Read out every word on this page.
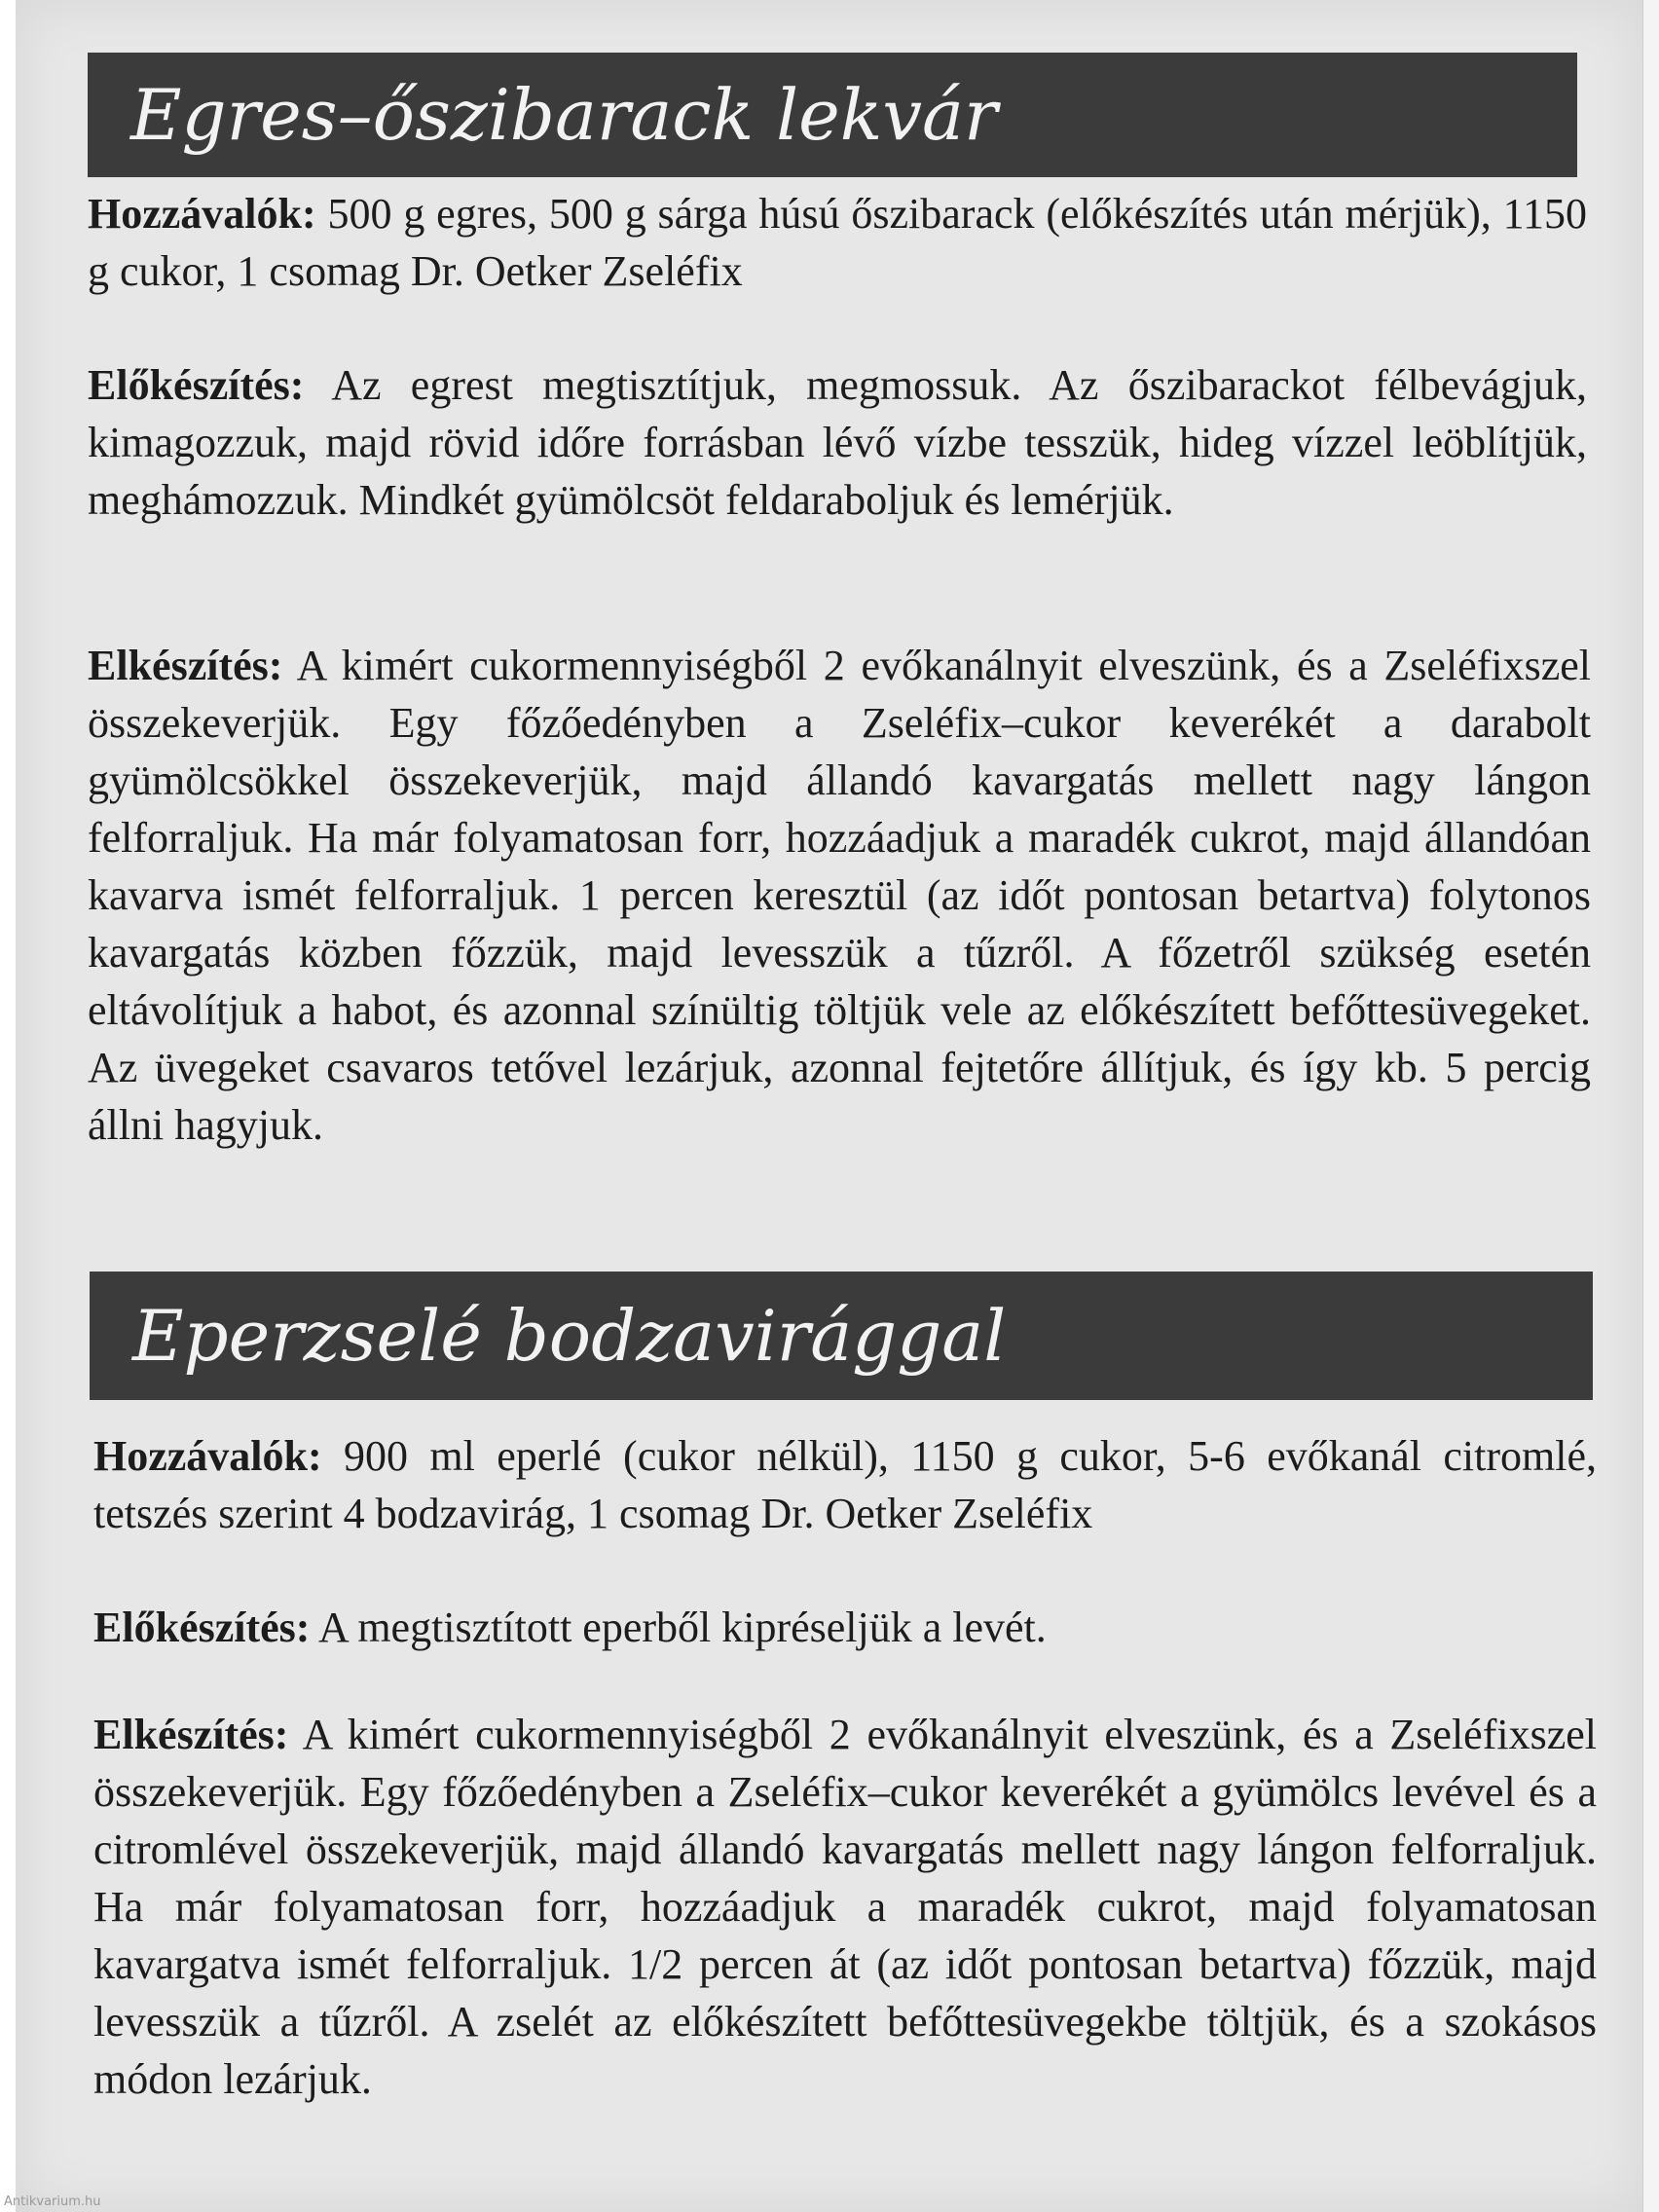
Egres–őszibarack lekvár

Hozzávalók: 500 g egres, 500 g sárga húsú őszibarack (előkészítés után mérjük), 1150 g cukor, 1 csomag Dr. Oetker Zseléfix

Előkészítés: Az egrest megtisztítjuk, megmossuk. Az őszibarackot félbevágjuk, kimagozzuk, majd rövid időre forrásban lévő vízbe tesszük, hideg vízzel leöblítjük, meghámozzuk. Mindkét gyümölcsöt feldaraboljuk és lemérjük.

Elkészítés: A kimért cukormennyiségből 2 evőkanálnyit elveszünk, és a Zseléfixszel összekeverjük. Egy főzőedényben a Zseléfix–cukor keverékét a darabolt gyümölcsökkel összekeverjük, majd állandó kavargatás mellett nagy lángon felforraljuk. Ha már folyamatosan forr, hozzáadjuk a maradék cukrot, majd állandóan kavarva ismét felforraljuk. 1 percen keresztül (az időt pontosan betartva) folytonos kavargatás közben főzzük, majd levesszük a tűzről. A főzetről szükség esetén eltávolítjuk a habot, és azonnal színültig töltjük vele az előkészített befőttesüvegeket. Az üvegeket csavaros tetővel lezárjuk, azonnal fejtetőre állítjuk, és így kb. 5 percig állni hagyjuk.

Eperzselé bodzavirággal

Hozzávalók: 900 ml eperlé (cukor nélkül), 1150 g cukor, 5-6 evőkanál citromlé, tetszés szerint 4 bodzavirág, 1 csomag Dr. Oetker Zseléfix

Előkészítés: A megtisztított eperből kipréseljük a levét.

Elkészítés: A kimért cukormennyiségből 2 evőkanálnyit elveszünk, és a Zseléfixszel összekeverjük. Egy főzőedényben a Zseléfix–cukor keverékét a gyümölcs levével és a citromlével összekeverjük, majd állandó kavargatás mellett nagy lángon felforraljuk. Ha már folyamatosan forr, hozzáadjuk a maradék cukrot, majd folyamatosan kavargatva ismét felforraljuk. 1/2 percen át (az időt pontosan betartva) főzzük, majd levesszük a tűzről. A zselét az előkészített befőttesüvegekbe töltjük, és a szokásos módon lezárjuk.

Antikvarium.hu
